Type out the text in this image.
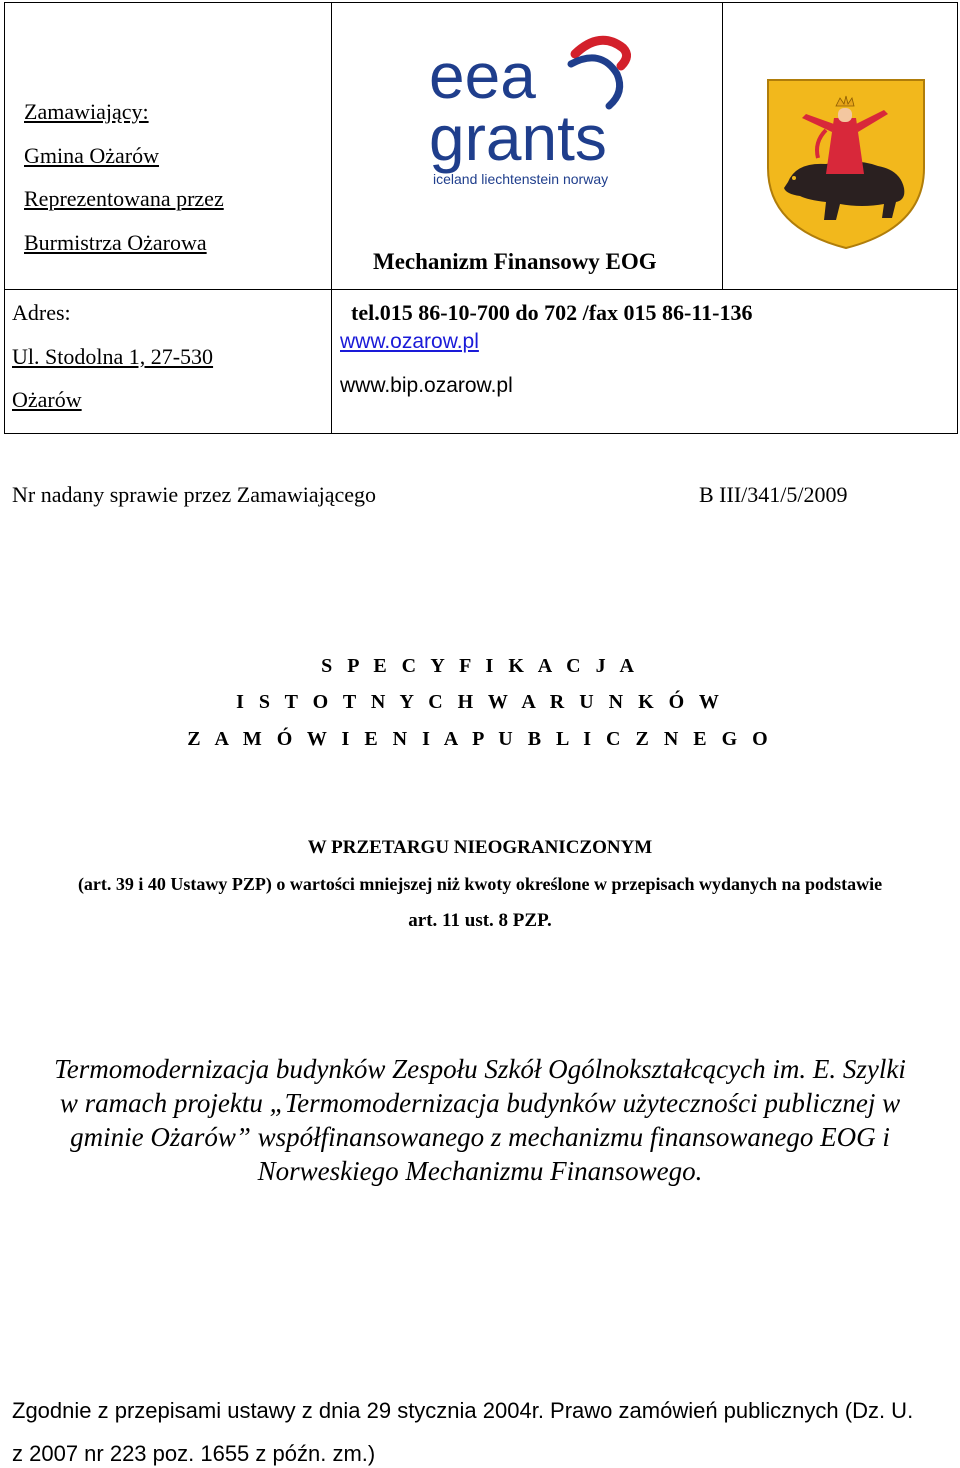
Zamawiający:
Gmina Ożarów
Reprezentowana przez
Burmistrza Ożarowa
eea
grants
iceland liechtenstein norway
Mechanizm Finansowy EOG
Adres:
Ul. Stodolna 1, 27-530
Ożarów
tel.015 86-10-700 do 702 /fax 015 86-11-136
www.ozarow.pl
www.bip.ozarow.pl
Nr nadany sprawie przez Zamawiającego	B III/341/5/2009
S P E C Y F I K A C J A
I S T O T N Y C H W A R U N K Ó W
Z A M Ó W I E N I A P U B L I C Z N E G O
W PRZETARGU NIEOGRANICZONYM
(art. 39 i 40 Ustawy PZP) o wartości mniejszej niż kwoty określone w przepisach wydanych na podstawie
art. 11 ust. 8 PZP.
Termomodernizacja budynków Zespołu Szkół Ogólnokształcących im. E. Szylki
w ramach projektu „Termomodernizacja budynków użyteczności publicznej w
gminie Ożarów” współfinansowanego z mechanizmu finansowanego EOG i
Norweskiego Mechanizmu Finansowego.
Zgodnie z przepisami ustawy z dnia 29 stycznia 2004r. Prawo zamówień publicznych (Dz. U.
z 2007 nr 223 poz. 1655 z późn. zm.)
